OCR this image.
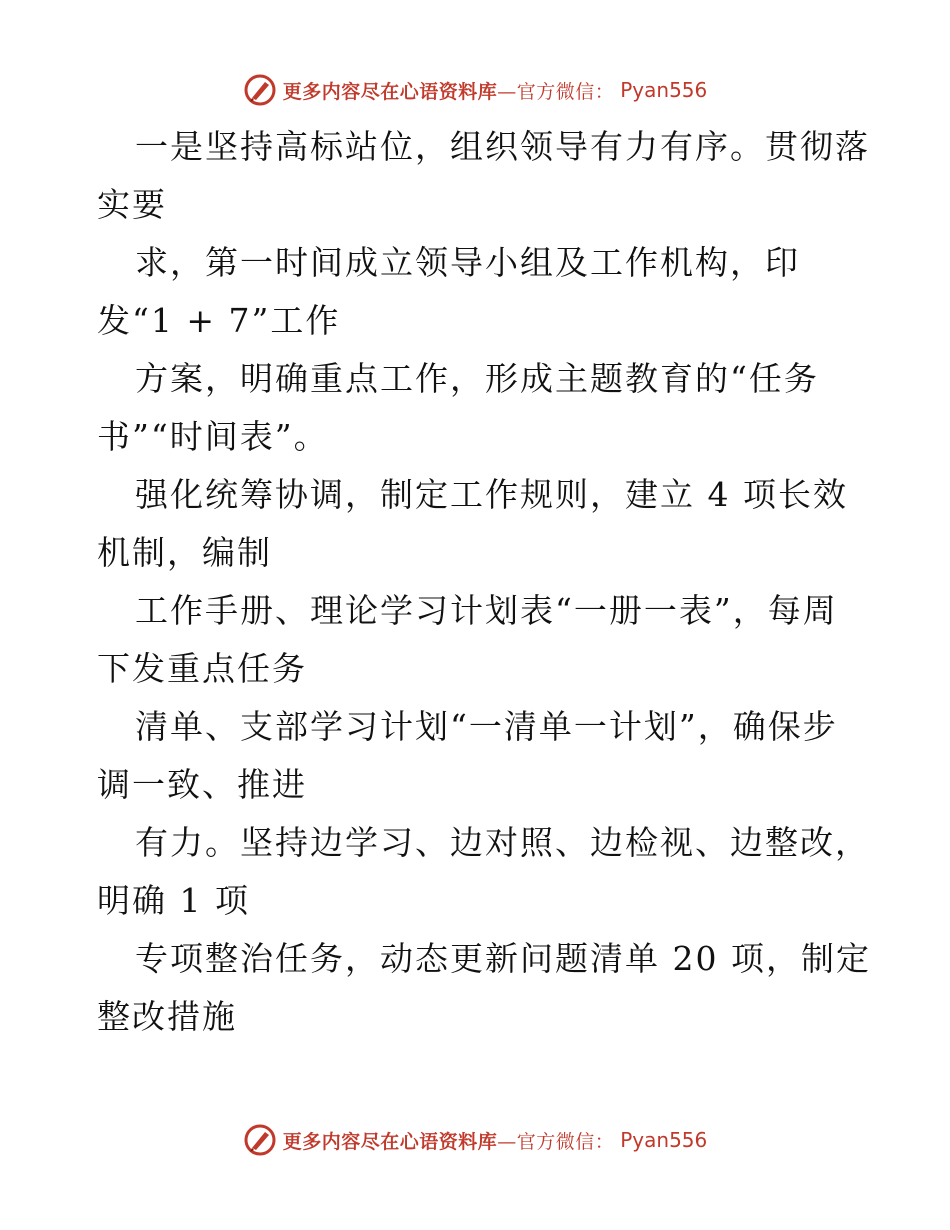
更多内容尽在心语资料库—官方微信： Pyan556
一是坚持高标站位，组织领导有力有序。贯彻落
实要
求，第一时间成立领导小组及工作机构，印
发“1 + 7”工作
方案，明确重点工作，形成主题教育的“任务
书”“时间表”。
强化统筹协调，制定工作规则，建立 4 项长效
机制，编制
工作手册、理论学习计划表“一册一表”，每周
下发重点任务
清单、支部学习计划“一清单一计划”，确保步
调一致、推进
有力。坚持边学习、边对照、边检视、边整改，
明确 1 项
专项整治任务，动态更新问题清单 20 项，制定
整改措施
更多内容尽在心语资料库—官方微信： Pyan556
